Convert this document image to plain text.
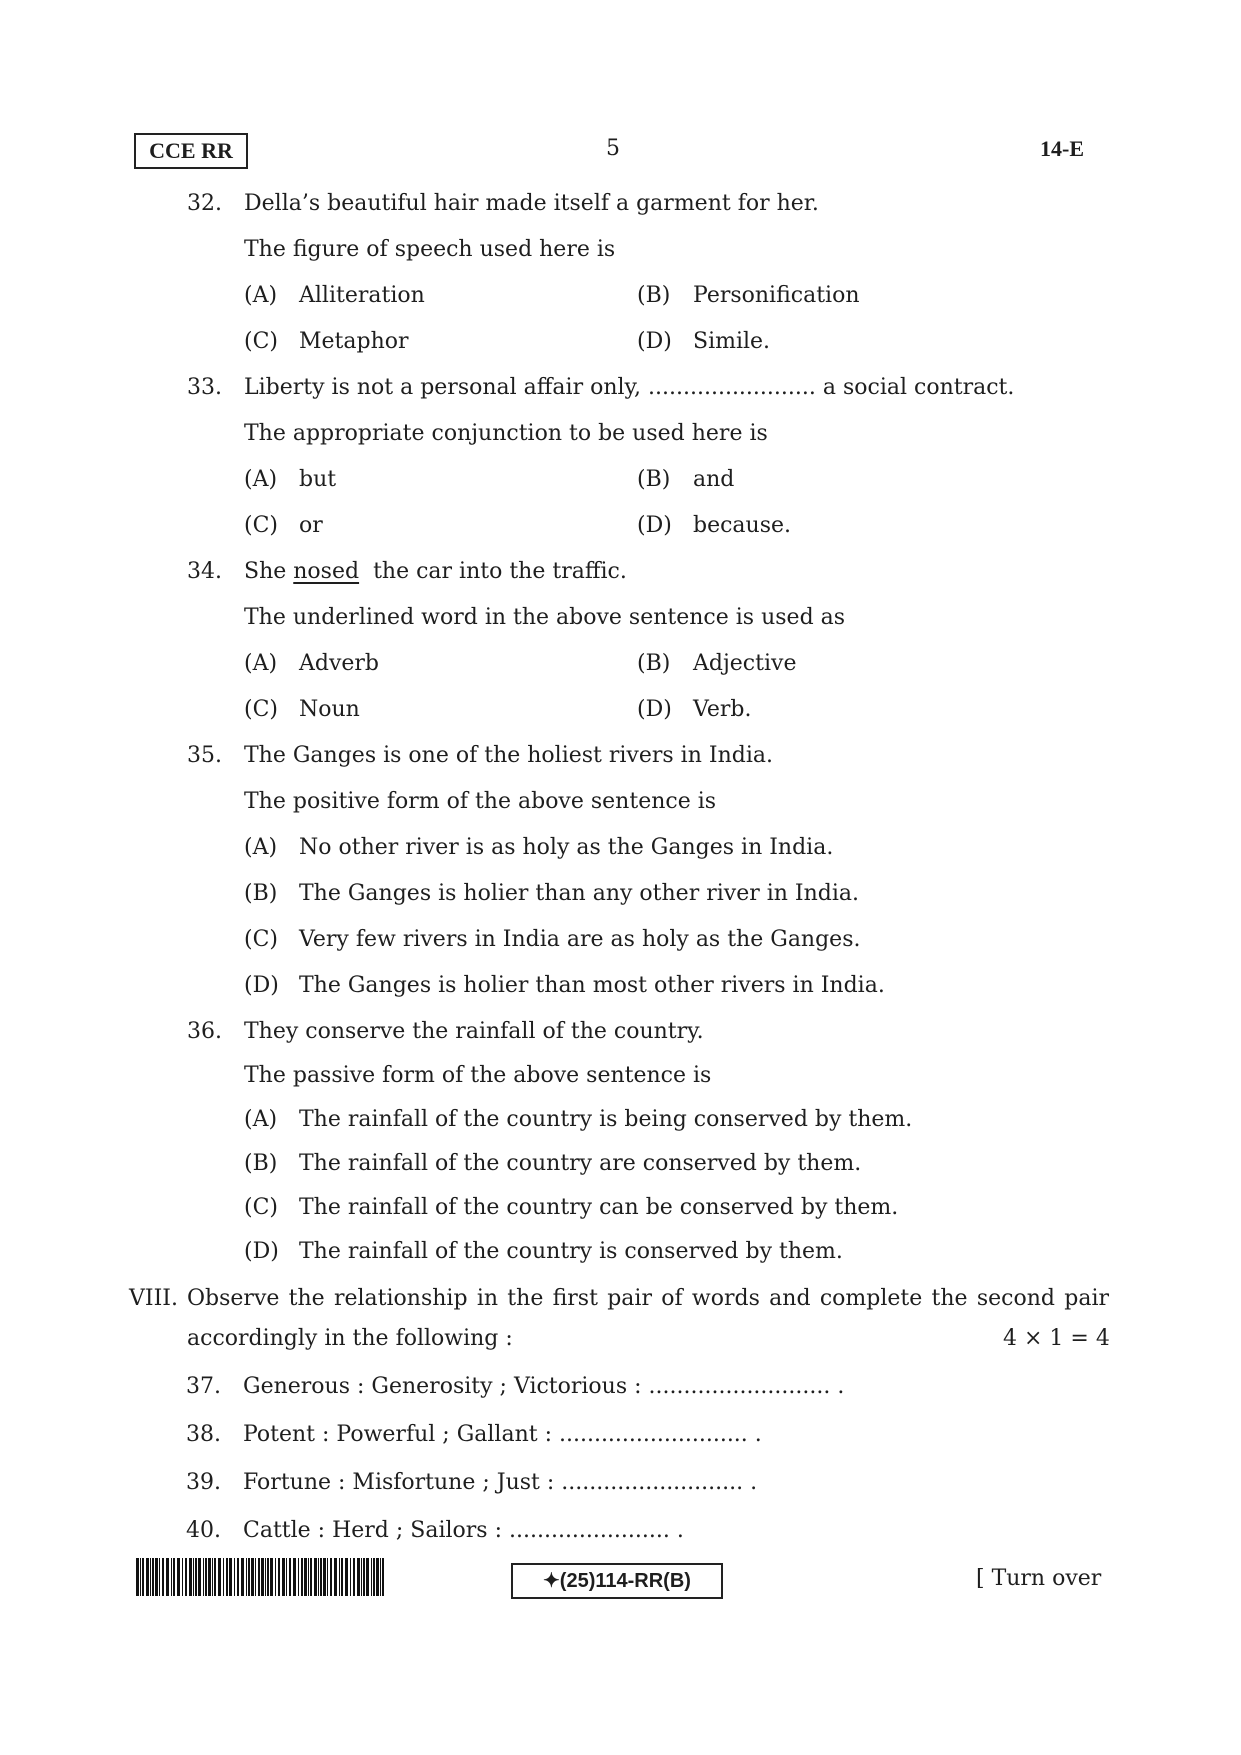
CCE RR	5	14-E
32. Della’s beautiful hair made itself a garment for her.
The figure of speech used here is
(A) Alliteration	(B) Personification
(C) Metaphor	(D) Simile.
33. Liberty is not a personal affair only, ........................ a social contract.
The appropriate conjunction to be used here is
(A) but	(B) and
(C) or	(D) because.
34. She nosed the car into the traffic.
The underlined word in the above sentence is used as
(A) Adverb	(B) Adjective
(C) Noun	(D) Verb.
35. The Ganges is one of the holiest rivers in India.
The positive form of the above sentence is
(A) No other river is as holy as the Ganges in India.
(B) The Ganges is holier than any other river in India.
(C) Very few rivers in India are as holy as the Ganges.
(D) The Ganges is holier than most other rivers in India.
36. They conserve the rainfall of the country.
The passive form of the above sentence is
(A) The rainfall of the country is being conserved by them.
(B) The rainfall of the country are conserved by them.
(C) The rainfall of the country can be conserved by them.
(D) The rainfall of the country is conserved by them.
VIII. Observe the relationship in the first pair of words and complete the second pair
accordingly in the following :	4 × 1 = 4
37. Generous : Generosity ; Victorious : .......................... .
38. Potent : Powerful ; Gallant : ........................... .
39. Fortune : Misfortune ; Just : .......................... .
40. Cattle : Herd ; Sailors : ....................... .
✦(25)114-RR(B)	[ Turn over
